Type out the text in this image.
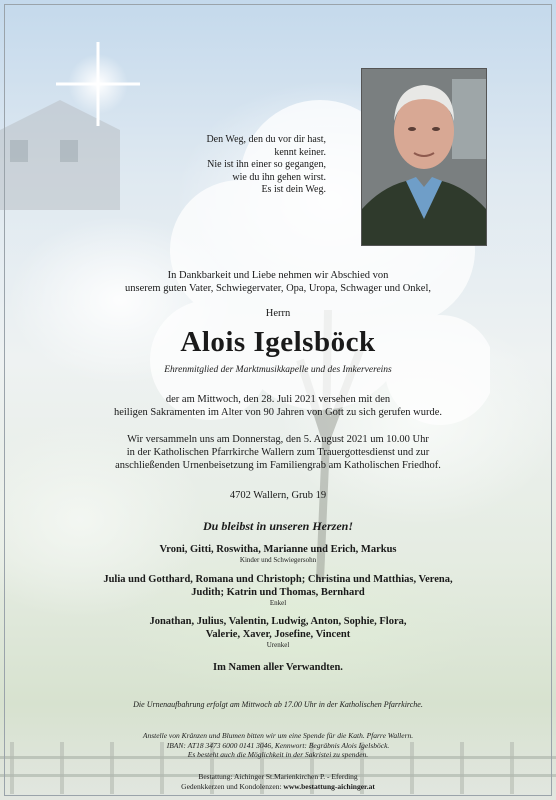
Den Weg, den du vor dir hast,
kennt keiner.
Nie ist ihn einer so gegangen,
wie du ihn gehen wirst.
Es ist dein Weg.
In Dankbarkeit und Liebe nehmen wir Abschied von
unserem guten Vater, Schwiegervater, Opa, Uropa, Schwager und Onkel,
Herrn
Alois Igelsböck
Ehrenmitglied der Marktmusikkapelle und des Imkervereins
der am Mittwoch, den 28. Juli 2021 versehen mit den
heiligen Sakramenten im Alter von 90 Jahren von Gott zu sich gerufen wurde.
Wir versammeln uns am Donnerstag, den 5. August 2021 um 10.00 Uhr
in der Katholischen Pfarrkirche Wallern zum Trauergottesdienst und zur
anschließenden Urnenbeisetzung im Familiengrab am Katholischen Friedhof.
4702 Wallern, Grub 19
Du bleibst in unseren Herzen!
Vroni, Gitti, Roswitha, Marianne und Erich, Markus
Kinder und Schwiegersohn
Julia und Gotthard, Romana und Christoph; Christina und Matthias, Verena,
Judith; Katrin und Thomas, Bernhard
Enkel
Jonathan, Julius, Valentin, Ludwig, Anton, Sophie, Flora,
Valerie, Xaver, Josefine, Vincent
Urenkel
Im Namen aller Verwandten.
Die Urnenaufbahrung erfolgt am Mittwoch ab 17.00 Uhr in der Katholischen Pfarrkirche.
Anstelle von Kränzen und Blumen bitten wir um eine Spende für die Kath. Pfarre Wallern.
IBAN: AT18 3473 6000 0141 3046, Kennwort: Begräbnis Alois Igelsböck.
Es besteht auch die Möglichkeit in der Sakristei zu spenden.
Bestattung: Aichinger St.Marienkirchen P. - Eferding
Gedenkkerzen und Kondolenzen: www.bestattung-aichinger.at
